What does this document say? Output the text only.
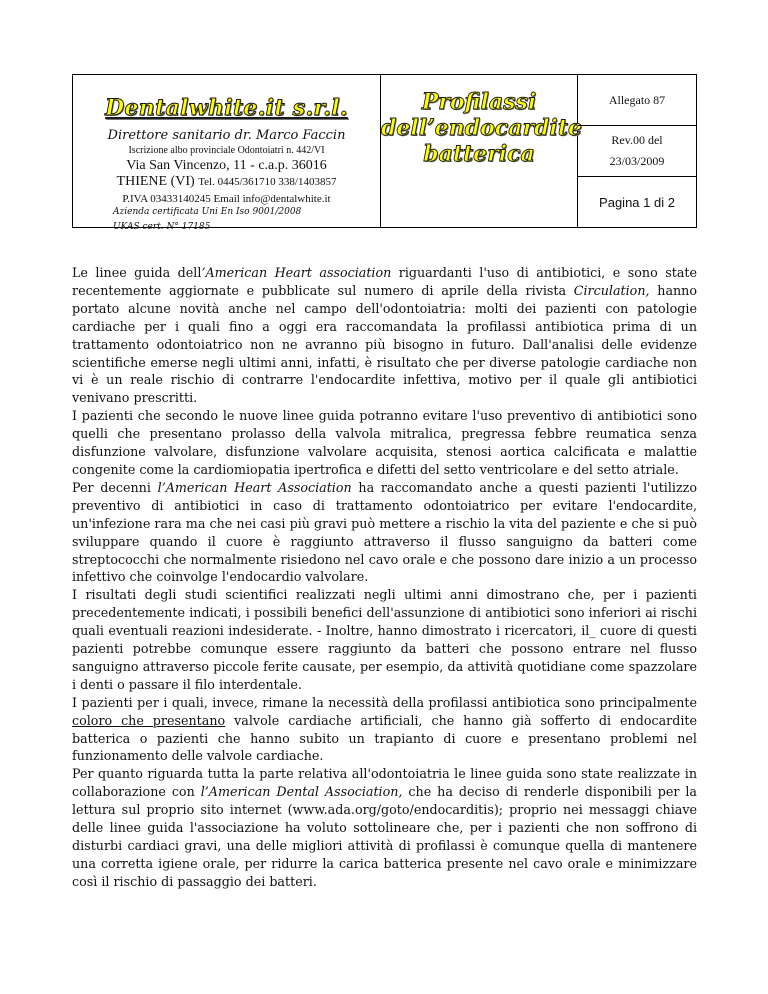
Dentalwhite.it s.r.l.
Direttore sanitario dr. Marco Faccin
Iscrizione albo provinciale Odontoiatri n. 442/VI
Via San Vincenzo, 11 - c.a.p. 36016
THIENE (VI) Tel. 0445/361710 338/1403857
P.IVA 03433140245 Email info@dentalwhite.it
Azienda certificata Uni En Iso 9001/2008
UKAS cert. N° 17185
Profilassi
dell’endocardite
batterica
Allegato 87
Rev.00 del
23/03/2009
Pagina 1 di 2

Le linee guida dell’American Heart association riguardanti l'uso di antibiotici, e sono state recentemente aggiornate e pubblicate sul numero di aprile della rivista Circulation, hanno portato alcune novità anche nel campo dell'odontoiatria: molti dei pazienti con patologie cardiache per i quali fino a oggi era raccomandata la profilassi antibiotica prima di un trattamento odontoiatrico non ne avranno più bisogno in futuro. Dall'analisi delle evidenze scientifiche emerse negli ultimi anni, infatti, è risultato che per diverse patologie cardiache non vi è un reale rischio di contrarre l'endocardite infettiva, motivo per il quale gli antibiotici venivano prescritti.

I pazienti che secondo le nuove linee guida potranno evitare l'uso preventivo di antibiotici sono quelli che presentano prolasso della valvola mitralica, pregressa febbre reumatica senza disfunzione valvolare, disfunzione valvolare acquisita, stenosi aortica calcificata e malattie congenite come la cardiomiopatia ipertrofica e difetti del setto ventricolare e del setto atriale.

Per decenni l’American Heart Association ha raccomandato anche a questi pazienti l'utilizzo preventivo di antibiotici in caso di trattamento odontoiatrico per evitare l'endocardite, un'infezione rara ma che nei casi più gravi può mettere a rischio la vita del paziente e che si può sviluppare quando il cuore è raggiunto attraverso il flusso sanguigno da batteri come streptococchi che normalmente risiedono nel cavo orale e che possono dare inizio a un processo infettivo che coinvolge l'endocardio valvolare.

I risultati degli studi scientifici realizzati negli ultimi anni dimostrano che, per i pazienti precedentemente indicati, i possibili benefici dell'assunzione di antibiotici sono inferiori ai rischi quali eventuali reazioni indesiderate. - Inoltre, hanno dimostrato i ricercatori, il_ cuore di questi pazienti potrebbe comunque essere raggiunto da batteri che possono entrare nel flusso sanguigno attraverso piccole ferite causate, per esempio, da attività quotidiane come spazzolare i denti o passare il filo interdentale.

I pazienti per i quali, invece, rimane la necessità della profilassi antibiotica sono principalmente coloro che presentano valvole cardiache artificiali, che hanno già sofferto di endocardite batterica o pazienti che hanno subito un trapianto di cuore e presentano problemi nel funzionamento delle valvole cardiache.

Per quanto riguarda tutta la parte relativa all'odontoiatria le linee guida sono state realizzate in collaborazione con l’American Dental Association, che ha deciso di renderle disponibili per la lettura sul proprio sito internet (www.ada.org/goto/endocarditis); proprio nei messaggi chiave delle linee guida l'associazione ha voluto sottolineare che, per i pazienti che non soffrono di disturbi cardiaci gravi, una delle migliori attività di profilassi è comunque quella di mantenere una corretta igiene orale, per ridurre la carica batterica presente nel cavo orale e minimizzare così il rischio di passaggio dei batteri.
